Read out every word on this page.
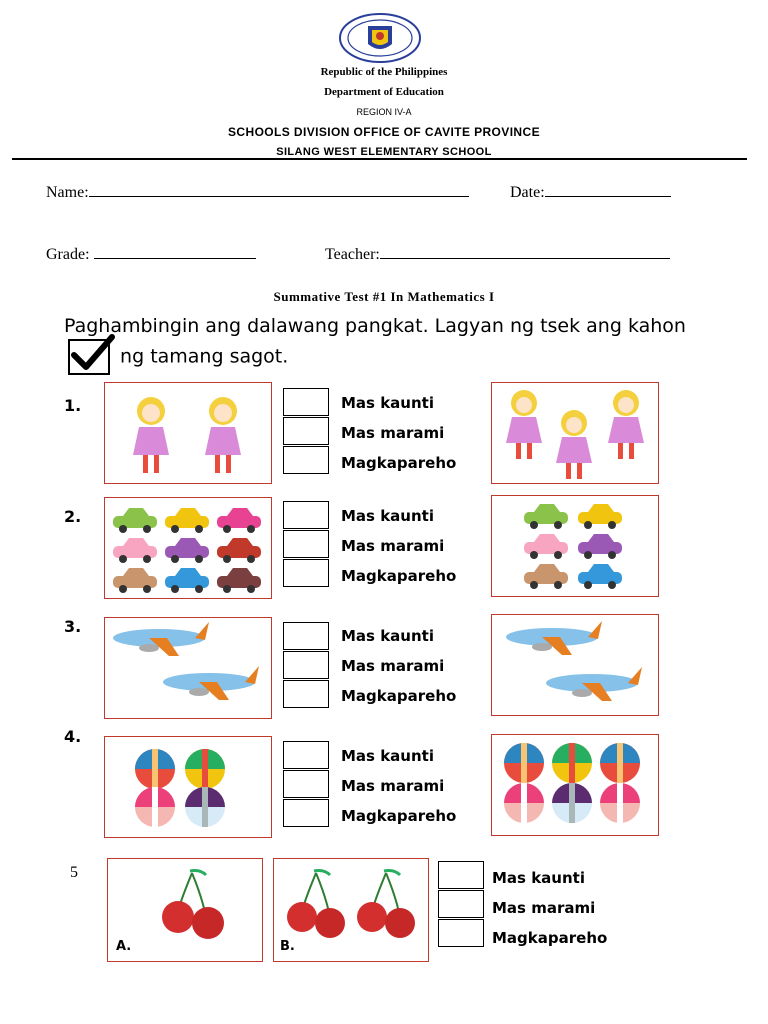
Republic of the Philippines
Department of Education
REGION IV-A
SCHOOLS DIVISION OFFICE OF CAVITE PROVINCE
SILANG WEST ELEMENTARY SCHOOL
Name:	Date:
Grade:	Teacher:
Summative Test #1 In Mathematics I
Paghambingin ang dalawang pangkat. Lagyan ng tsek ang kahon
ng tamang sagot.
1.	Mas kaunti
Mas marami
Magkapareho
2.	Mas kaunti
Mas marami
Magkapareho
3.	Mas kaunti
Mas marami
Magkapareho
4.
Mas kaunti
Mas marami
Magkapareho
5
A.	B.
Mas kaunti
Mas marami
Magkapareho
